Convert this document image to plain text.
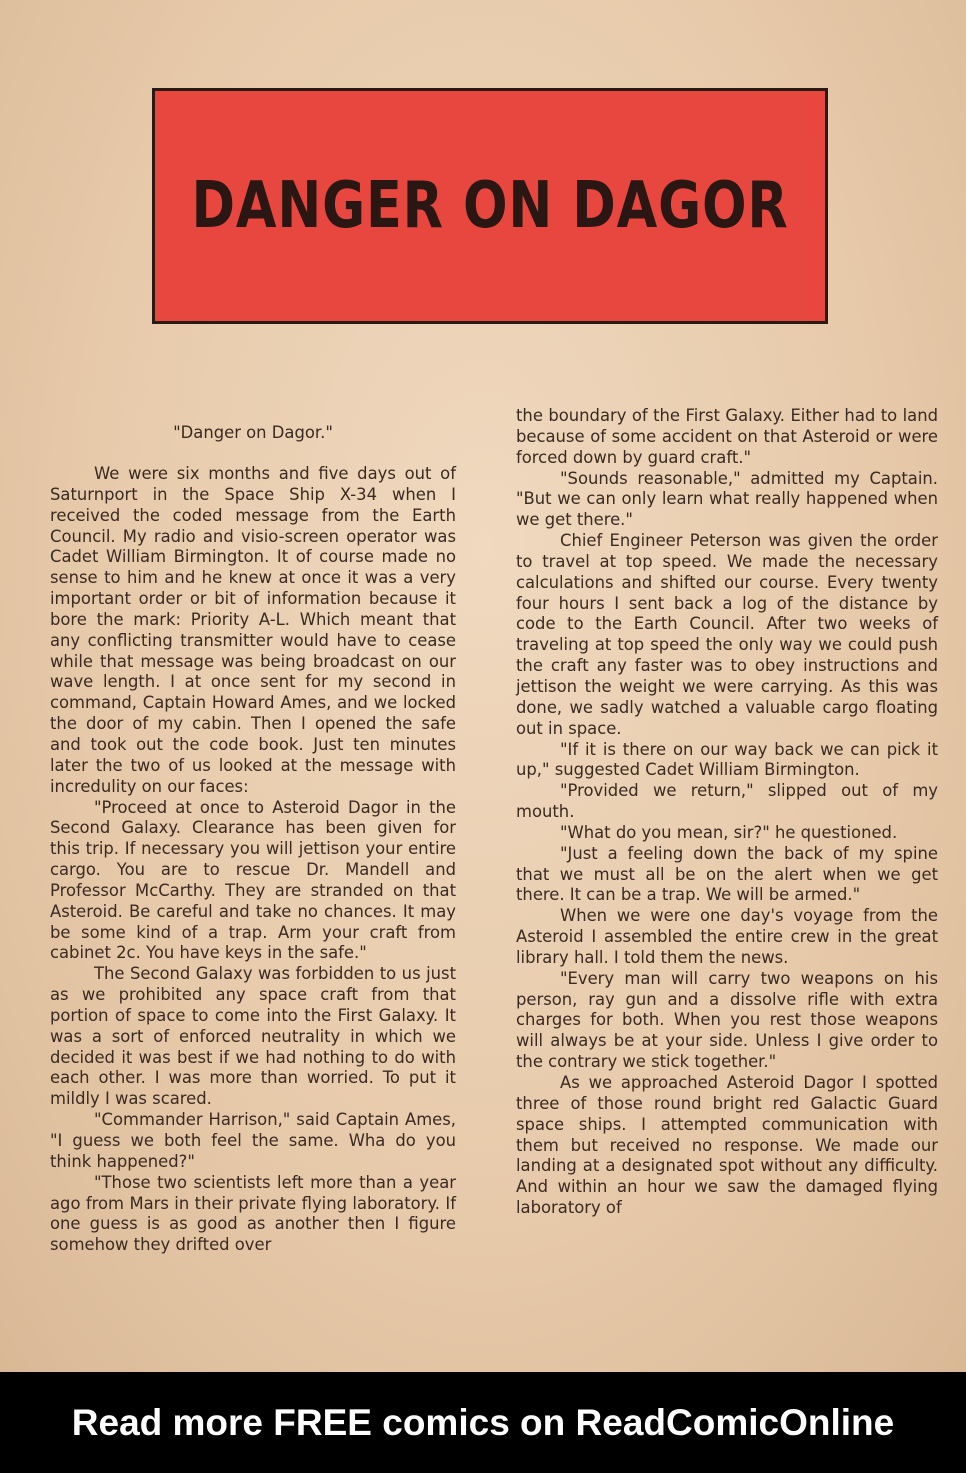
DANGER ON DAGOR
"Danger on Dagor."

We were six months and five days out of Saturnport in the Space Ship X-34 when I received the coded message from the Earth Council. My radio and visio-screen operator was Cadet William Birmington. It of course made no sense to him and he knew at once it was a very important order or bit of information because it bore the mark: Priority A-L. Which meant that any conflicting transmitter would have to cease while that message was being broadcast on our wave length. I at once sent for my second in command, Captain Howard Ames, and we locked the door of my cabin. Then I opened the safe and took out the code book. Just ten minutes later the two of us looked at the message with incredulity on our faces:

"Proceed at once to Asteroid Dagor in the Second Galaxy. Clearance has been given for this trip. If necessary you will jettison your entire cargo. You are to rescue Dr. Mandell and Professor McCarthy. They are stranded on that Asteroid. Be careful and take no chances. It may be some kind of a trap. Arm your craft from cabinet 2c. You have keys in the safe."

The Second Galaxy was forbidden to us just as we prohibited any space craft from that portion of space to come into the First Galaxy. It was a sort of enforced neutrality in which we decided it was best if we had nothing to do with each other. I was more than worried. To put it mildly I was scared.

"Commander Harrison," said Captain Ames, "I guess we both feel the same. Wha do you think happened?"

"Those two scientists left more than a year ago from Mars in their private flying laboratory. If one guess is as good as another then I figure somehow they drifted over

the boundary of the First Galaxy. Either had to land because of some accident on that Asteroid or were forced down by guard craft."

"Sounds reasonable," admitted my Captain. "But we can only learn what really happened when we get there."

Chief Engineer Peterson was given the order to travel at top speed. We made the necessary calculations and shifted our course. Every twenty four hours I sent back a log of the distance by code to the Earth Council. After two weeks of traveling at top speed the only way we could push the craft any faster was to obey instructions and jettison the weight we were carrying. As this was done, we sadly watched a valuable cargo floating out in space.

"If it is there on our way back we can pick it up," suggested Cadet William Birmington.

"Provided we return," slipped out of my mouth.

"What do you mean, sir?" he questioned.

"Just a feeling down the back of my spine that we must all be on the alert when we get there. It can be a trap. We will be armed."

When we were one day's voyage from the Asteroid I assembled the entire crew in the great library hall. I told them the news.

"Every man will carry two weapons on his person, ray gun and a dissolve rifle with extra charges for both. When you rest those weapons will always be at your side. Unless I give order to the contrary we stick together."

As we approached Asteroid Dagor I spotted three of those round bright red Galactic Guard space ships. I attempted communication with them but received no response. We made our landing at a designated spot without any difficulty. And within an hour we saw the damaged flying laboratory of

Read more FREE comics on ReadComicOnline
